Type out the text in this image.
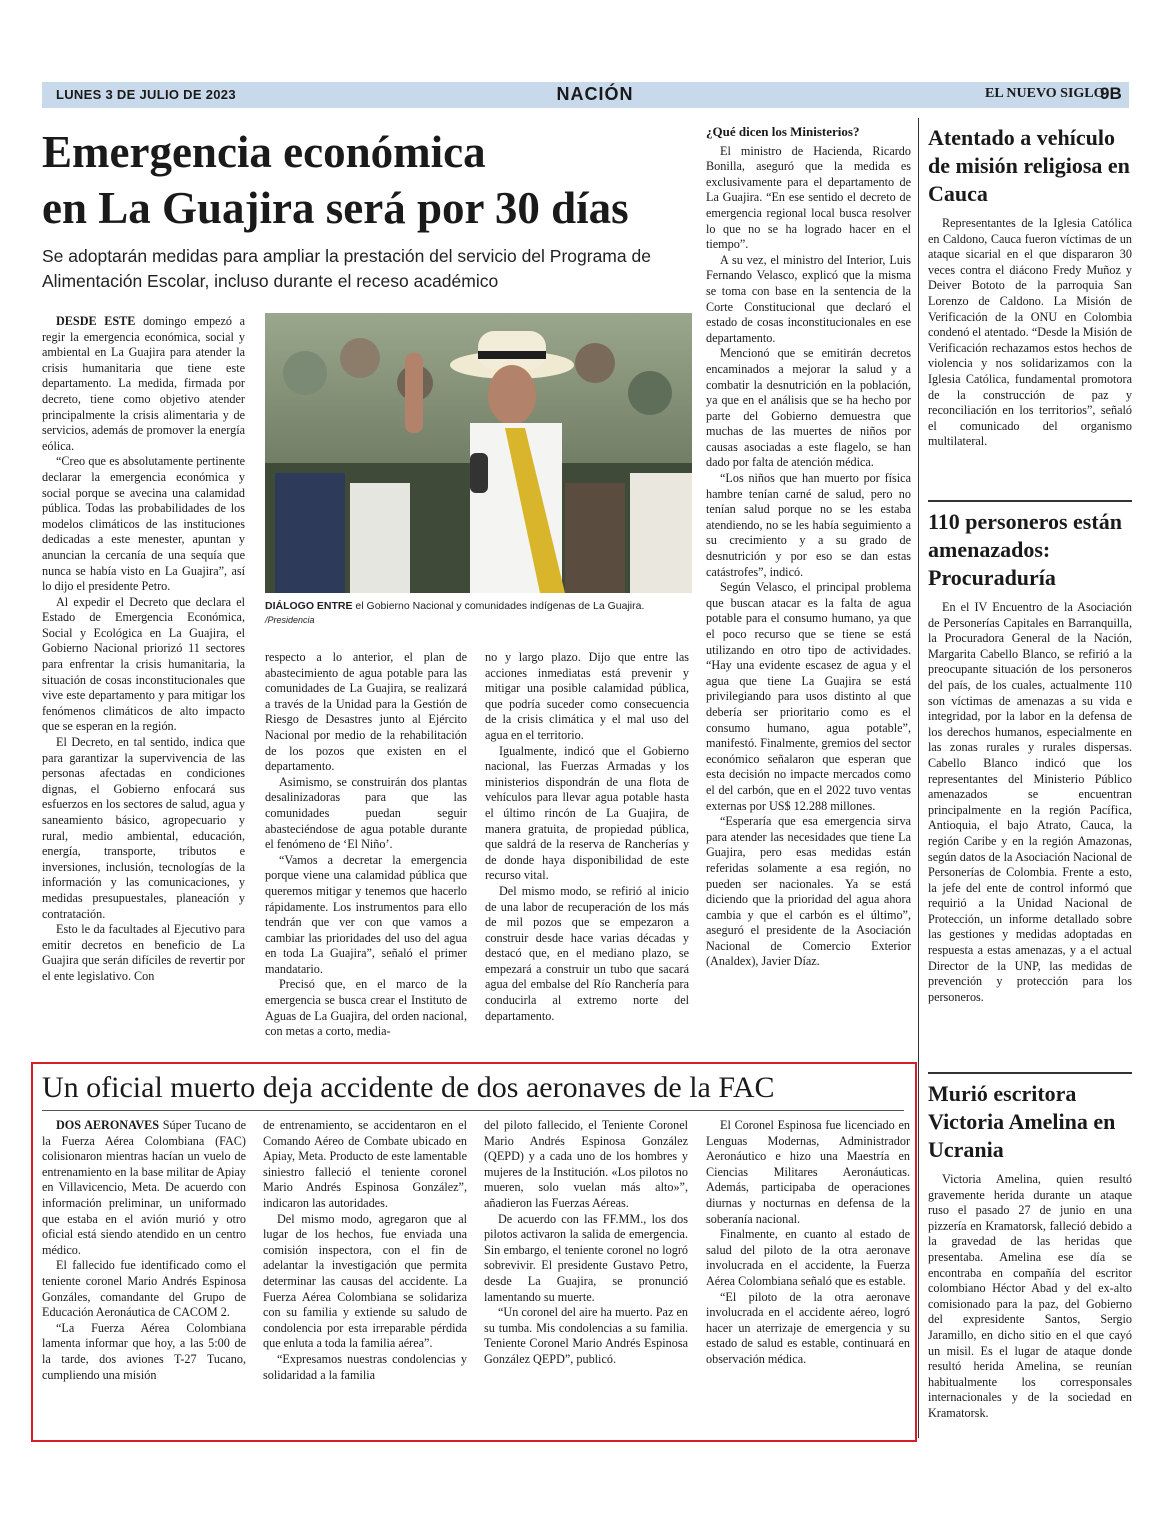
LUNES 3 DE JULIO DE 2023	NACIÓN	EL NUEVO SIGLO
9B
Emergencia económica
en La Guajira será por 30 días
Se adoptarán medidas para ampliar la prestación del servicio del Programa de Alimentación Escolar, incluso durante el receso académico

DESDE ESTE domingo empezó a regir la emergencia económica, social y ambiental en La Guajira para atender la crisis humanitaria que tiene este departamento. La medida, firmada por decreto, tiene como objetivo atender principalmente la crisis alimentaria y de servicios, además de promover la energía eólica.

“Creo que es absolutamente pertinente declarar la emergencia económica y social porque se avecina una calamidad pública. Todas las probabilidades de los modelos climáticos de las instituciones dedicadas a este menester, apuntan y anuncian la cercanía de una sequía que nunca se había visto en La Guajira”, así lo dijo el presidente Petro.

Al expedir el Decreto que declara el Estado de Emergencia Económica, Social y Ecológica en La Guajira, el Gobierno Nacional priorizó 11 sectores para enfrentar la crisis humanitaria, la situación de cosas inconstitucionales que vive este departamento y para mitigar los fenómenos climáticos de alto impacto que se esperan en la región.

El Decreto, en tal sentido, indica que para garantizar la supervivencia de las personas afectadas en condiciones dignas, el Gobierno enfocará sus esfuerzos en los sectores de salud, agua y saneamiento básico, agropecuario y rural, medio ambiental, educación, energía, transporte, tributos e inversiones, inclusión, tecnologías de la información y las comunicaciones, y medidas presupuestales, planeación y contratación.

Esto le da facultades al Ejecutivo para emitir decretos en beneficio de La Guajira que serán difíciles de revertir por el ente legislativo. Con

DIÁLOGO ENTRE el Gobierno Nacional y comunidades indígenas de La Guajira. /Presidencia

respecto a lo anterior, el plan de abastecimiento de agua potable para las comunidades de La Guajira, se realizará a través de la Unidad para la Gestión de Riesgo de Desastres junto al Ejército Nacional por medio de la rehabilitación de los pozos que existen en el departamento.

Asimismo, se construirán dos plantas desalinizadoras para que las comunidades puedan seguir abasteciéndose de agua potable durante el fenómeno de ‘El Niño’.

“Vamos a decretar la emergencia porque viene una calamidad pública que queremos mitigar y tenemos que hacerlo rápidamente. Los instrumentos para ello tendrán que ver con que vamos a cambiar las prioridades del uso del agua en toda La Guajira”, señaló el primer mandatario.

Precisó que, en el marco de la emergencia se busca crear el Instituto de Aguas de La Guajira, del orden nacional, con metas a corto, media-

no y largo plazo. Dijo que entre las acciones inmediatas está prevenir y mitigar una posible calamidad pública, que podría suceder como consecuencia de la crisis climática y el mal uso del agua en el territorio.

Igualmente, indicó que el Gobierno nacional, las Fuerzas Armadas y los ministerios dispondrán de una flota de vehículos para llevar agua potable hasta el último rincón de La Guajira, de manera gratuita, de propiedad pública, que saldrá de la reserva de Rancherías y de donde haya disponibilidad de este recurso vital.

Del mismo modo, se refirió al inicio de una labor de recuperación de los más de mil pozos que se empezaron a construir desde hace varias décadas y destacó que, en el mediano plazo, se empezará a construir un tubo que sacará agua del embalse del Río Ranchería para conducirla al extremo norte del departamento.

¿Qué dicen los Ministerios?

El ministro de Hacienda, Ricardo Bonilla, aseguró que la medida es exclusivamente para el departamento de La Guajira. “En ese sentido el decreto de emergencia regional local busca resolver lo que no se ha logrado hacer en el tiempo”.

A su vez, el ministro del Interior, Luis Fernando Velasco, explicó que la misma se toma con base en la sentencia de la Corte Constitucional que declaró el estado de cosas inconstitucionales en ese departamento.

Mencionó que se emitirán decretos encaminados a mejorar la salud y a combatir la desnutrición en la población, ya que en el análisis que se ha hecho por parte del Gobierno demuestra que muchas de las muertes de niños por causas asociadas a este flagelo, se han dado por falta de atención médica.

“Los niños que han muerto por física hambre tenían carné de salud, pero no tenían salud porque no se les estaba atendiendo, no se les había seguimiento a su crecimiento y a su grado de desnutrición y por eso se dan estas catástrofes”, indicó.

Según Velasco, el principal problema que buscan atacar es la falta de agua potable para el consumo humano, ya que el poco recurso que se tiene se está utilizando en otro tipo de actividades. “Hay una evidente escasez de agua y el agua que tiene La Guajira se está privilegiando para usos distinto al que debería ser prioritario como es el consumo humano, agua potable”, manifestó. Finalmente, gremios del sector económico señalaron que esperan que esta decisión no impacte mercados como el del carbón, que en el 2022 tuvo ventas externas por US$ 12.288 millones.

“Esperaría que esa emergencia sirva para atender las necesidades que tiene La Guajira, pero esas medidas están referidas solamente a esa región, no pueden ser nacionales. Ya se está diciendo que la prioridad del agua ahora cambia y que el carbón es el último”, aseguró el presidente de la Asociación Nacional de Comercio Exterior (Analdex), Javier Díaz.

Atentado a vehículo de misión religiosa en Cauca

Representantes de la Iglesia Católica en Caldono, Cauca fueron víctimas de un ataque sicarial en el que dispararon 30 veces contra el diácono Fredy Muñoz y Deiver Bototo de la parroquia San Lorenzo de Caldono. La Misión de Verificación de la ONU en Colombia condenó el atentado. “Desde la Misión de Verificación rechazamos estos hechos de violencia y nos solidarizamos con la Iglesia Católica, fundamental promotora de la construcción de paz y reconciliación en los territorios”, señaló el comunicado del organismo multilateral.

110 personeros están amenazados: Procuraduría

En el IV Encuentro de la Asociación de Personerías Capitales en Barranquilla, la Procuradora General de la Nación, Margarita Cabello Blanco, se refirió a la preocupante situación de los personeros del país, de los cuales, actualmente 110 son víctimas de amenazas a su vida e integridad, por la labor en la defensa de los derechos humanos, especialmente en las zonas rurales y rurales dispersas. Cabello Blanco indicó que los representantes del Ministerio Público amenazados se encuentran principalmente en la región Pacífica, Antioquia, el bajo Atrato, Cauca, la región Caribe y en la región Amazonas, según datos de la Asociación Nacional de Personerías de Colombia. Frente a esto, la jefe del ente de control informó que requirió a la Unidad Nacional de Protección, un informe detallado sobre las gestiones y medidas adoptadas en respuesta a estas amenazas, y a el actual Director de la UNP, las medidas de prevención y protección para los personeros.

Murió escritora Victoria Amelina en Ucrania

Victoria Amelina, quien resultó gravemente herida durante un ataque ruso el pasado 27 de junio en una pizzería en Kramatorsk, falleció debido a la gravedad de las heridas que presentaba. Amelina ese día se encontraba en compañía del escritor colombiano Héctor Abad y del ex-alto comisionado para la paz, del Gobierno del expresidente Santos, Sergio Jaramillo, en dicho sitio en el que cayó un misil. Es el lugar de ataque donde resultó herida Amelina, se reunían habitualmente los corresponsales internacionales y de la sociedad en Kramatorsk.

Un oficial muerto deja accidente de dos aeronaves de la FAC

DOS AERONAVES Súper Tucano de la Fuerza Aérea Colombiana (FAC) colisionaron mientras hacían un vuelo de entrenamiento en la base militar de Apiay en Villavicencio, Meta. De acuerdo con información preliminar, un uniformado que estaba en el avión murió y otro oficial está siendo atendido en un centro médico.

El fallecido fue identificado como el teniente coronel Mario Andrés Espinosa Gonzáles, comandante del Grupo de Educación Aeronáutica de CACOM 2.

“La Fuerza Aérea Colombiana lamenta informar que hoy, a las 5:00 de la tarde, dos aviones T-27 Tucano, cumpliendo una misión

de entrenamiento, se accidentaron en el Comando Aéreo de Combate ubicado en Apiay, Meta. Producto de este lamentable siniestro falleció el teniente coronel Mario Andrés Espinosa González”, indicaron las autoridades.

Del mismo modo, agregaron que al lugar de los hechos, fue enviada una comisión inspectora, con el fin de adelantar la investigación que permita determinar las causas del accidente. La Fuerza Aérea Colombiana se solidariza con su familia y extiende su saludo de condolencia por esta irreparable pérdida que enluta a toda la familia aérea”.

“Expresamos nuestras condolencias y solidaridad a la familia

del piloto fallecido, el Teniente Coronel Mario Andrés Espinosa González (QEPD) y a cada uno de los hombres y mujeres de la Institución. «Los pilotos no mueren, solo vuelan más alto»”, añadieron las Fuerzas Aéreas.

De acuerdo con las FF.MM., los dos pilotos activaron la salida de emergencia. Sin embargo, el teniente coronel no logró sobrevivir. El presidente Gustavo Petro, desde La Guajira, se pronunció lamentando su muerte.

“Un coronel del aire ha muerto. Paz en su tumba. Mis condolencias a su familia. Teniente Coronel Mario Andrés Espinosa González QEPD”, publicó.

El Coronel Espinosa fue licenciado en Lenguas Modernas, Administrador Aeronáutico e hizo una Maestría en Ciencias Militares Aeronáuticas. Además, participaba de operaciones diurnas y nocturnas en defensa de la soberanía nacional.

Finalmente, en cuanto al estado de salud del piloto de la otra aeronave involucrada en el accidente, la Fuerza Aérea Colombiana señaló que es estable.

“El piloto de la otra aeronave involucrada en el accidente aéreo, logró hacer un aterrizaje de emergencia y su estado de salud es estable, continuará en observación médica.
